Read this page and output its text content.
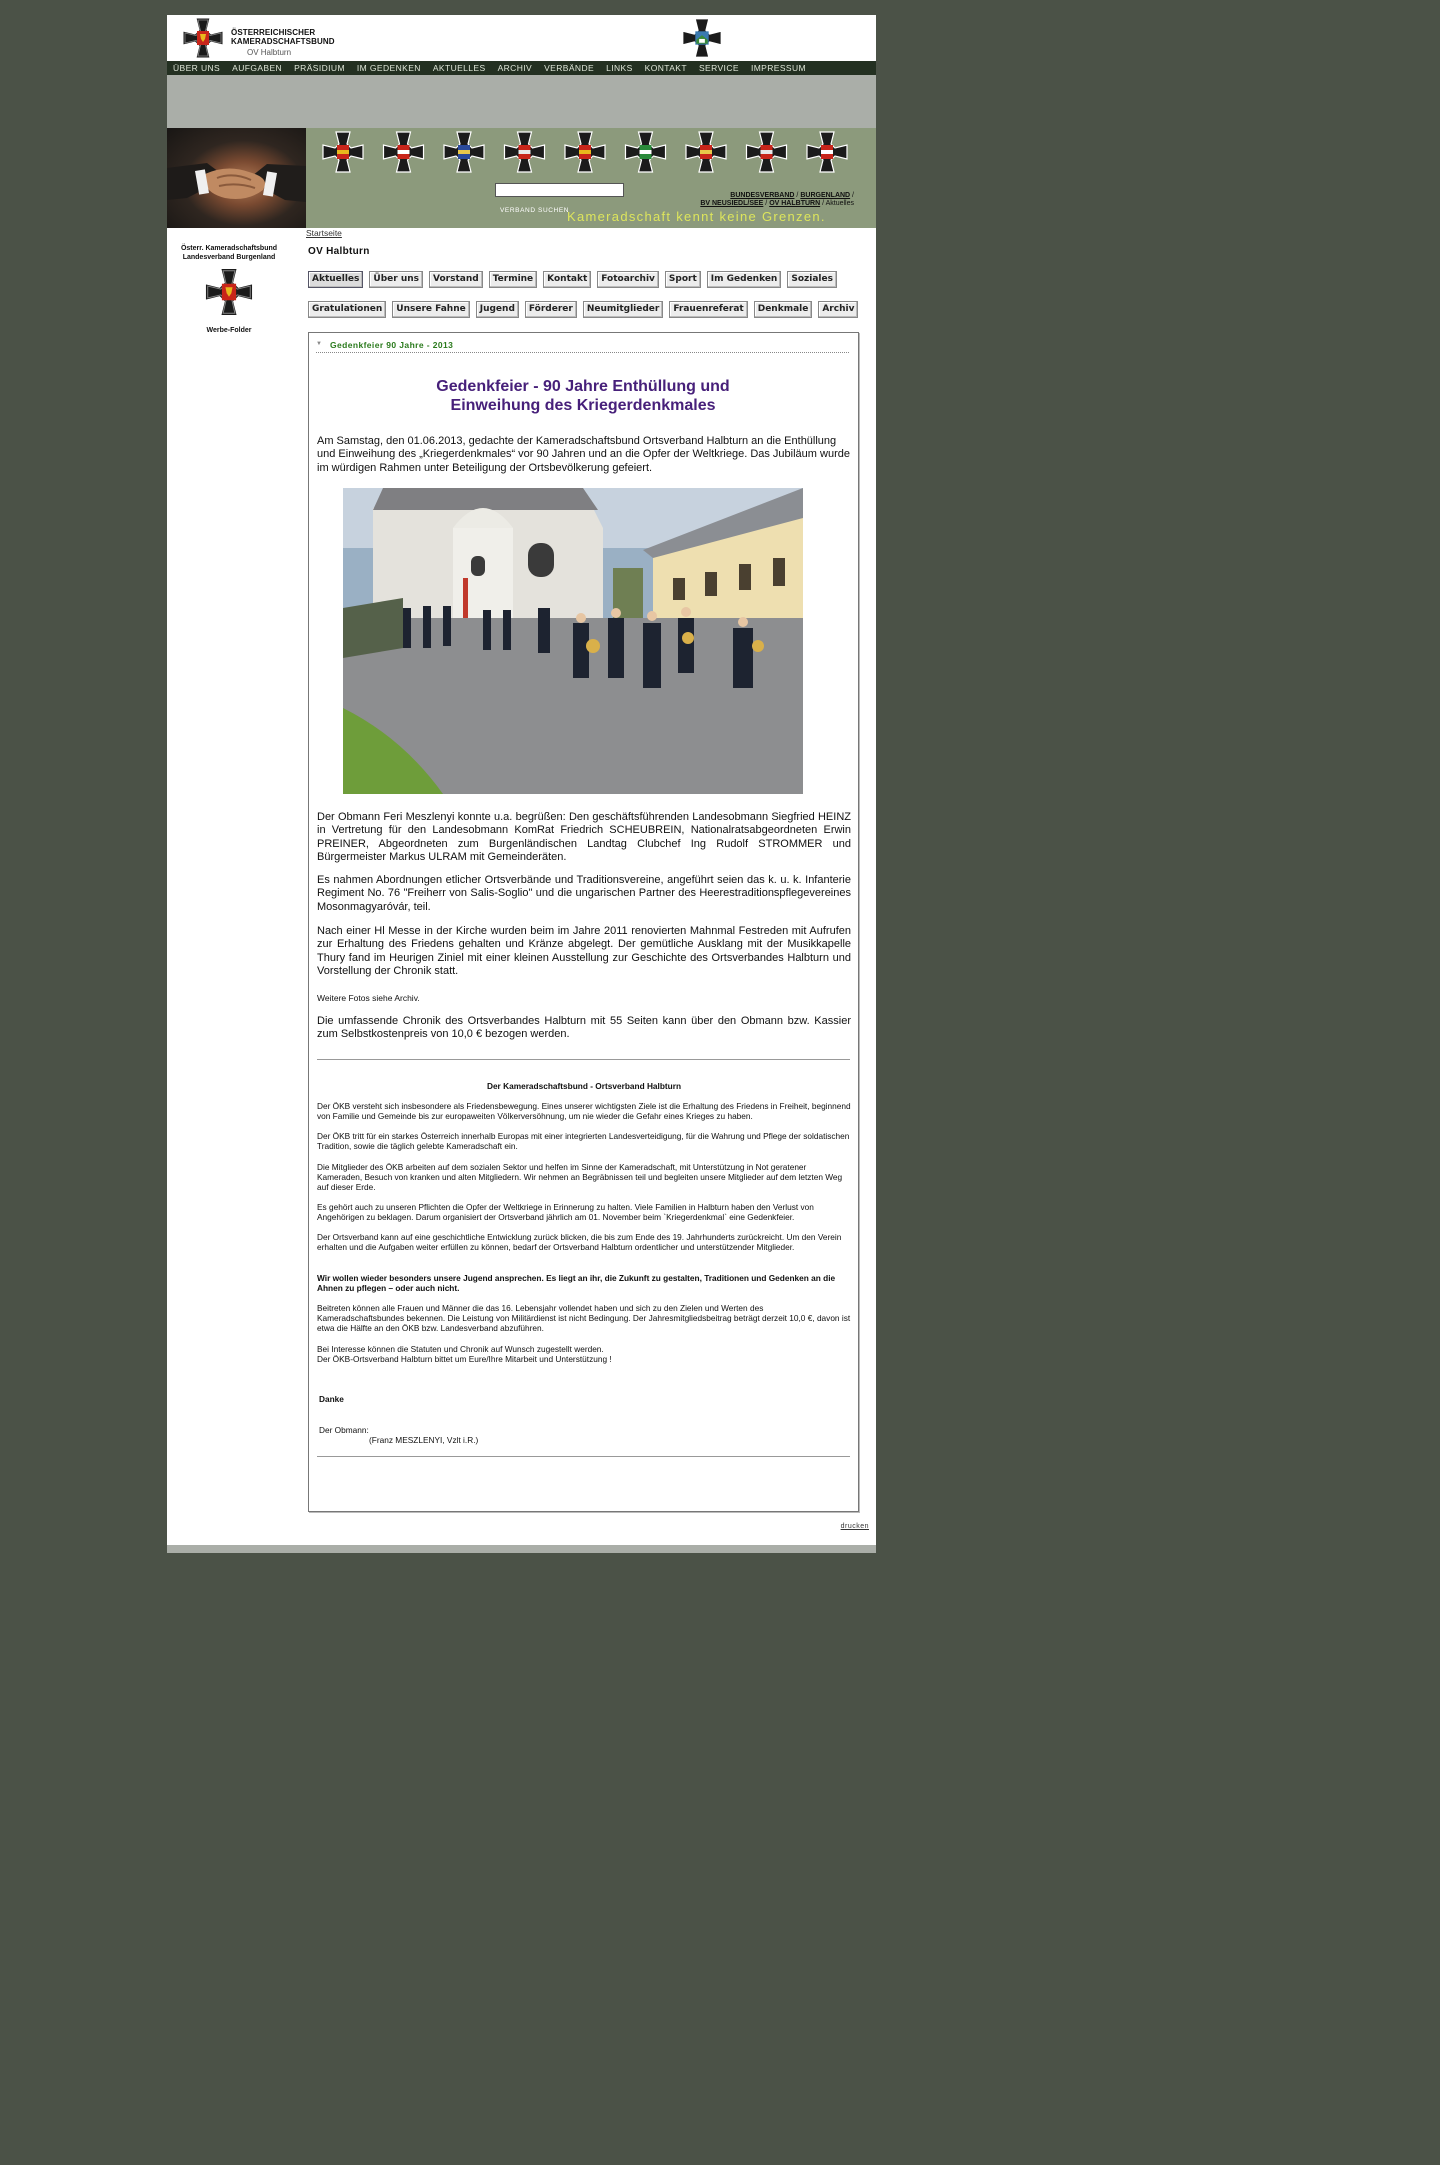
ÖSTERREICHISCHER
KAMERADSCHAFTSBUND
OV Halbturn
ÜBER UNS	AUFGABEN	PRÄSIDIUM	IM GEDENKEN	AKTUELLES	ARCHIV	VERBÄNDE	LINKS	KONTAKT	SERVICE	IMPRESSUM
VERBAND SUCHEN
BUNDESVERBAND / BURGENLAND /
BV NEUSIEDL/SEE / OV HALBTURN / Aktuelles
Kameradschaft kennt keine Grenzen.
Österr. Kameradschaftsbund
Landesverband Burgenland
Werbe-Folder
Startseite
OV Halbturn
Aktuelles	Über uns	Vorstand	Termine	Kontakt	Fotoarchiv	Sport	Im Gedenken	Soziales
Gratulationen	Unsere Fahne	Jugend	Förderer	Neumitglieder	Frauenreferat	Denkmale	Archiv
▼ Gedenkfeier 90 Jahre - 2013
Gedenkfeier - 90 Jahre Enthüllung und
Einweihung des Kriegerdenkmales
Am Samstag, den 01.06.2013, gedachte der Kameradschaftsbund Ortsverband Halbturn an die Enthüllung und Einweihung des „Kriegerdenkmales“ vor 90 Jahren und an die Opfer der Weltkriege. Das Jubiläum wurde im würdigen Rahmen unter Beteiligung der Ortsbevölkerung gefeiert.
Der Obmann Feri Meszlenyi konnte u.a. begrüßen: Den geschäftsführenden Landesobmann Siegfried HEINZ in Vertretung für den Landesobmann KomRat Friedrich SCHEUBREIN, Nationalratsabgeordneten Erwin PREINER, Abgeordneten zum Burgenländischen Landtag Clubchef Ing Rudolf STROMMER und Bürgermeister Markus ULRAM mit Gemeinderäten.
Es nahmen Abordnungen etlicher Ortsverbände und Traditionsvereine, angeführt seien das k. u. k. Infanterie Regiment No. 76 "Freiherr von Salis-Soglio" und die ungarischen Partner des Heerestraditionspflegevereines Mosonmagyaróvár, teil.
Nach einer Hl Messe in der Kirche wurden beim im Jahre 2011 renovierten Mahnmal Festreden mit Aufrufen zur Erhaltung des Friedens gehalten und Kränze abgelegt. Der gemütliche Ausklang mit der Musikkapelle Thury fand im Heurigen Ziniel mit einer kleinen Ausstellung zur Geschichte des Ortsverbandes Halbturn und Vorstellung der Chronik statt.
Weitere Fotos siehe Archiv.
Die umfassende Chronik des Ortsverbandes Halbturn mit 55 Seiten kann über den Obmann bzw. Kassier zum Selbstkostenpreis von 10,0 € bezogen werden.
Der Kameradschaftsbund - Ortsverband Halbturn
Der ÖKB versteht sich insbesondere als Friedensbewegung. Eines unserer wichtigsten Ziele ist die Erhaltung des Friedens in Freiheit, beginnend von Familie und Gemeinde bis zur europaweiten Völkerversöhnung, um nie wieder die Gefahr eines Krieges zu haben.
Der ÖKB tritt für ein starkes Österreich innerhalb Europas mit einer integrierten Landesverteidigung, für die Wahrung und Pflege der soldatischen Tradition, sowie die täglich gelebte Kameradschaft ein.
Die Mitglieder des ÖKB arbeiten auf dem sozialen Sektor und helfen im Sinne der Kameradschaft, mit Unterstützung in Not geratener Kameraden, Besuch von kranken und alten Mitgliedern. Wir nehmen an Begräbnissen teil und begleiten unsere Mitglieder auf dem letzten Weg auf dieser Erde.
Es gehört auch zu unseren Pflichten die Opfer der Weltkriege in Erinnerung zu halten. Viele Familien in Halbturn haben den Verlust von Angehörigen zu beklagen. Darum organisiert der Ortsverband jährlich am 01. November beim `Kriegerdenkmal` eine Gedenkfeier.
Der Ortsverband kann auf eine geschichtliche Entwicklung zurück blicken, die bis zum Ende des 19. Jahrhunderts zurückreicht. Um den Verein erhalten und die Aufgaben weiter erfüllen zu können, bedarf der Ortsverband Halbturn ordentlicher und unterstützender Mitglieder.
Wir wollen wieder besonders unsere Jugend ansprechen. Es liegt an ihr, die Zukunft zu gestalten, Traditionen und Gedenken an die Ahnen zu pflegen – oder auch nicht.
Beitreten können alle Frauen und Männer die das 16. Lebensjahr vollendet haben und sich zu den Zielen und Werten des Kameradschaftsbundes bekennen. Die Leistung von Militärdienst ist nicht Bedingung. Der Jahresmitgliedsbeitrag beträgt derzeit 10,0 €, davon ist etwa die Hälfte an den ÖKB bzw. Landesverband abzuführen.
Bei Interesse können die Statuten und Chronik auf Wunsch zugestellt werden.
Der ÖKB-Ortsverband Halbturn bittet um Eure/Ihre Mitarbeit und Unterstützung !
Danke
Der Obmann:
(Franz MESZLENYI, Vzlt i.R.)
drucken
